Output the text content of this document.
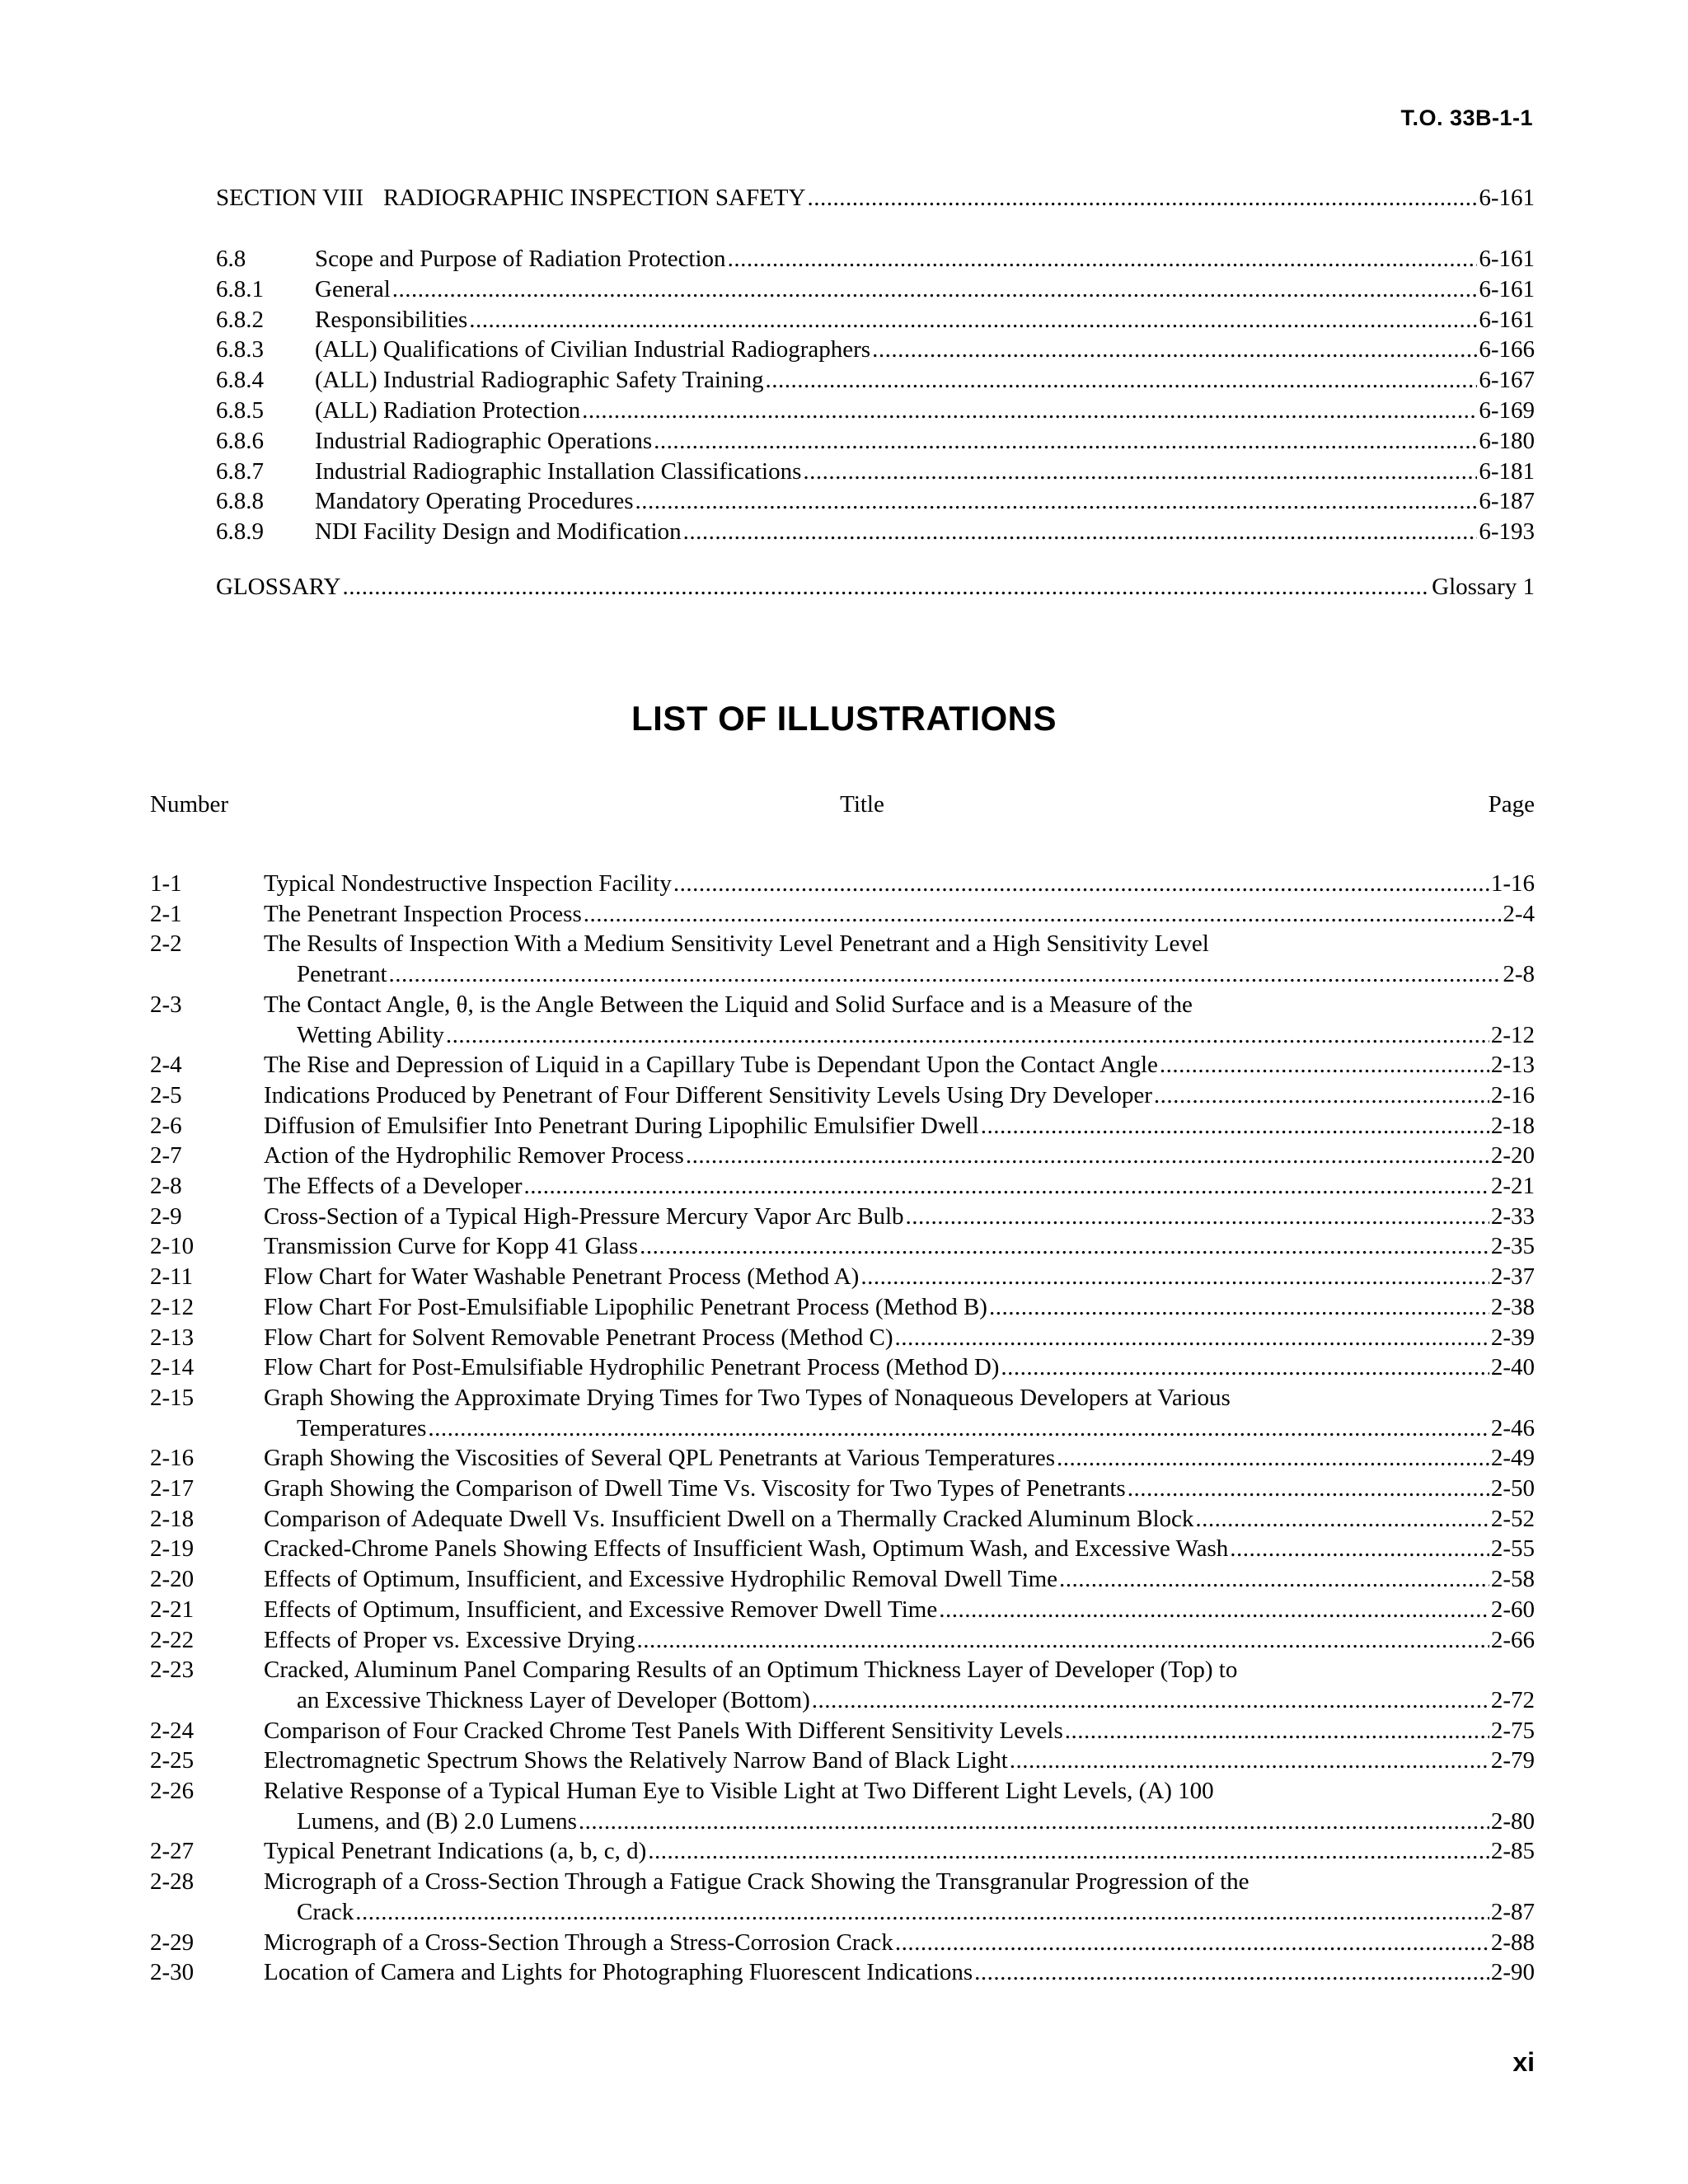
T.O. 33B-1-1
SECTION VIII RADIOGRAPHIC INSPECTION SAFETY .....	6-161
6.8	Scope and Purpose of Radiation Protection .....	6-161
6.8.1	General .....	6-161
6.8.2	Responsibilities .....	6-161
6.8.3	(ALL) Qualifications of Civilian Industrial Radiographers .....	6-166
6.8.4	(ALL) Industrial Radiographic Safety Training .....	6-167
6.8.5	(ALL) Radiation Protection .....	6-169
6.8.6	Industrial Radiographic Operations .....	6-180
6.8.7	Industrial Radiographic Installation Classifications .....	6-181
6.8.8	Mandatory Operating Procedures .....	6-187
6.8.9	NDI Facility Design and Modification .....	6-193
GLOSSARY .....	Glossary 1
LIST OF ILLUSTRATIONS
Number	Title	Page
1-1	Typical Nondestructive Inspection Facility .....	1-16
2-1	The Penetrant Inspection Process .....	2-4
2-2	The Results of Inspection With a Medium Sensitivity Level Penetrant and a High Sensitivity Level
Penetrant .....	2-8
2-3	The Contact Angle, θ, is the Angle Between the Liquid and Solid Surface and is a Measure of the
Wetting Ability .....	2-12
2-4	The Rise and Depression of Liquid in a Capillary Tube is Dependant Upon the Contact Angle .....	2-13
2-5	Indications Produced by Penetrant of Four Different Sensitivity Levels Using Dry Developer .....	2-16
2-6	Diffusion of Emulsifier Into Penetrant During Lipophilic Emulsifier Dwell .....	2-18
2-7	Action of the Hydrophilic Remover Process .....	2-20
2-8	The Effects of a Developer .....	2-21
2-9	Cross-Section of a Typical High-Pressure Mercury Vapor Arc Bulb .....	2-33
2-10	Transmission Curve for Kopp 41 Glass .....	2-35
2-11	Flow Chart for Water Washable Penetrant Process (Method A) .....	2-37
2-12	Flow Chart For Post-Emulsifiable Lipophilic Penetrant Process (Method B) .....	2-38
2-13	Flow Chart for Solvent Removable Penetrant Process (Method C) .....	2-39
2-14	Flow Chart for Post-Emulsifiable Hydrophilic Penetrant Process (Method D) .....	2-40
2-15	Graph Showing the Approximate Drying Times for Two Types of Nonaqueous Developers at Various
Temperatures .....	2-46
2-16	Graph Showing the Viscosities of Several QPL Penetrants at Various Temperatures .....	2-49
2-17	Graph Showing the Comparison of Dwell Time Vs. Viscosity for Two Types of Penetrants .....	2-50
2-18	Comparison of Adequate Dwell Vs. Insufficient Dwell on a Thermally Cracked Aluminum Block .....	2-52
2-19	Cracked-Chrome Panels Showing Effects of Insufficient Wash, Optimum Wash, and Excessive Wash .....	2-55
2-20	Effects of Optimum, Insufficient, and Excessive Hydrophilic Removal Dwell Time .....	2-58
2-21	Effects of Optimum, Insufficient, and Excessive Remover Dwell Time .....	2-60
2-22	Effects of Proper vs. Excessive Drying .....	2-66
2-23	Cracked, Aluminum Panel Comparing Results of an Optimum Thickness Layer of Developer (Top) to
an Excessive Thickness Layer of Developer (Bottom) .....	2-72
2-24	Comparison of Four Cracked Chrome Test Panels With Different Sensitivity Levels .....	2-75
2-25	Electromagnetic Spectrum Shows the Relatively Narrow Band of Black Light .....	2-79
2-26	Relative Response of a Typical Human Eye to Visible Light at Two Different Light Levels, (A) 100
Lumens, and (B) 2.0 Lumens .....	2-80
2-27	Typical Penetrant Indications (a, b, c, d) .....	2-85
2-28	Micrograph of a Cross-Section Through a Fatigue Crack Showing the Transgranular Progression of the
Crack .....	2-87
2-29	Micrograph of a Cross-Section Through a Stress-Corrosion Crack .....	2-88
2-30	Location of Camera and Lights for Photographing Fluorescent Indications .....	2-90
xi
